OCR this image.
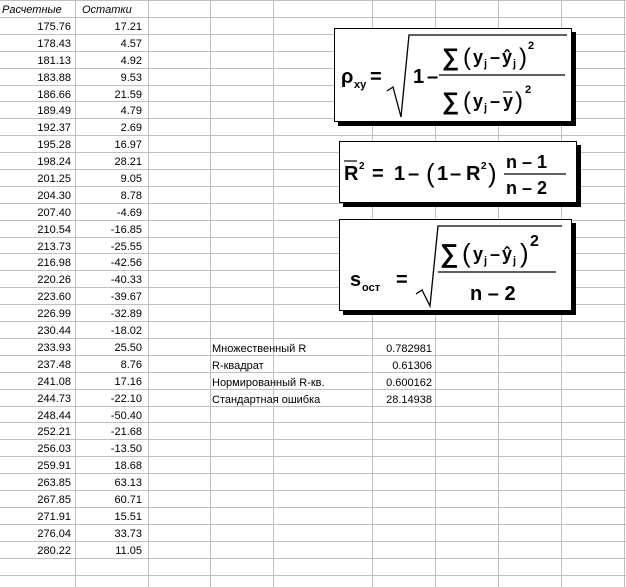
Расчетные	Остатки
175.76	17.21
178.43	4.57
181.13	4.92
183.88	9.53
186.66	21.59
189.49	4.79
192.37	2.69
195.28	16.97
198.24	28.21
201.25	9.05
204.30	8.78
207.40	-4.69
210.54	-16.85
213.73	-25.55
216.98	-42.56
220.26	-40.33
223.60	-39.67
226.99	-32.89
230.44	-18.02
233.93	25.50
237.48	8.76
241.08	17.16
244.73	-22.10
248.44	-50.40
252.21	-21.68
256.03	-13.50
259.91	18.68
263.85	63.13
267.85	60.71
271.91	15.51
276.04	33.73
280.22	11.05
Множественный R	0.782981
R-квадрат	0.61306
Нормированный R-кв.	0.600162
Стандартная ошибка	28.14938
ρ xy = 1 –
∑ ( y j – ŷ j ) 2
∑ ( y j – y ) 2
R 2 = 1 – ( 1 – R 2 ) n – 1
n – 2
s ост =
∑ ( y j – ŷ j ) 2
n – 2
